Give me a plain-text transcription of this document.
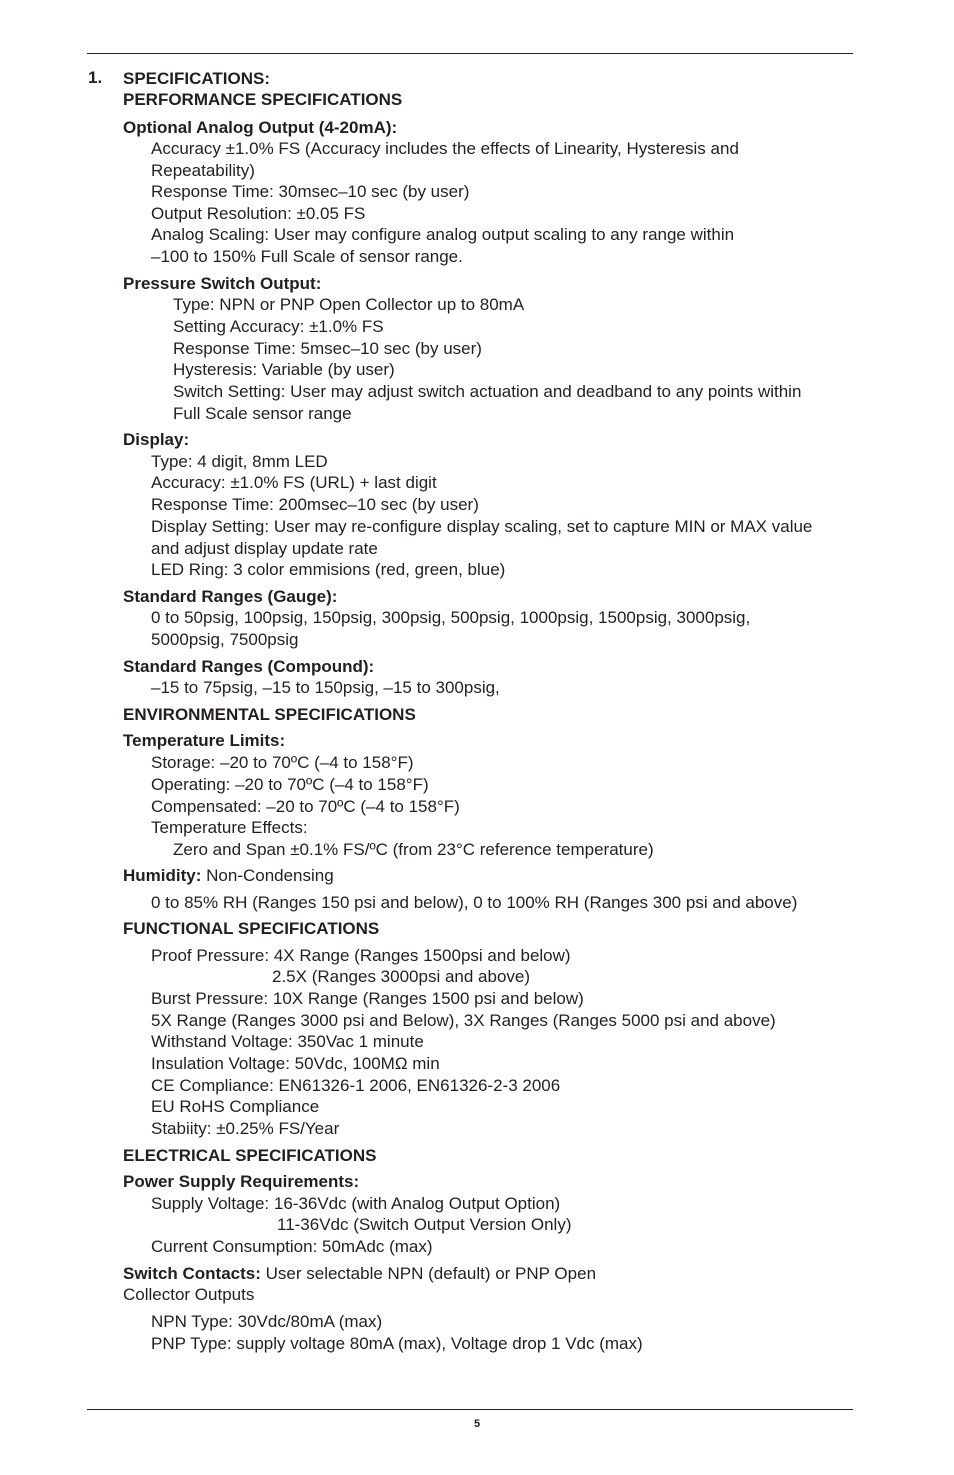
1. SPECIFICATIONS:
PERFORMANCE SPECIFICATIONS
Optional Analog Output (4-20mA):
Accuracy ±1.0% FS (Accuracy includes the effects of Linearity, Hysteresis and
Repeatability)
Response Time: 30msec–10 sec (by user)
Output Resolution: ±0.05 FS
Analog Scaling: User may configure analog output scaling to any range within
–100 to 150% Full Scale of sensor range.
Pressure Switch Output:
Type: NPN or PNP Open Collector up to 80mA
Setting Accuracy: ±1.0% FS
Response Time: 5msec–10 sec (by user)
Hysteresis: Variable (by user)
Switch Setting: User may adjust switch actuation and deadband to any points within
Full Scale sensor range
Display:
Type: 4 digit, 8mm LED
Accuracy: ±1.0% FS (URL) + last digit
Response Time: 200msec–10 sec (by user)
Display Setting: User may re-configure display scaling, set to capture MIN or MAX value
and adjust display update rate
LED Ring: 3 color emmisions (red, green, blue)
Standard Ranges (Gauge):
0 to 50psig, 100psig, 150psig, 300psig, 500psig, 1000psig, 1500psig, 3000psig,
5000psig, 7500psig
Standard Ranges (Compound):
–15 to 75psig, –15 to 150psig, –15 to 300psig,
ENVIRONMENTAL SPECIFICATIONS
Temperature Limits:
Storage: –20 to 70ºC (–4 to 158°F)
Operating: –20 to 70ºC (–4 to 158°F)
Compensated: –20 to 70ºC (–4 to 158°F)
Temperature Effects:
Zero and Span ±0.1% FS/ºC (from 23°C reference temperature)
Humidity: Non-Condensing
0 to 85% RH (Ranges 150 psi and below), 0 to 100% RH (Ranges 300 psi and above)
FUNCTIONAL SPECIFICATIONS
Proof Pressure: 4X Range (Ranges 1500psi and below)
2.5X (Ranges 3000psi and above)
Burst Pressure: 10X Range (Ranges 1500 psi and below)
5X Range (Ranges 3000 psi and Below), 3X Ranges (Ranges 5000 psi and above)
Withstand Voltage: 350Vac 1 minute
Insulation Voltage: 50Vdc, 100MΩ min
CE Compliance: EN61326-1 2006, EN61326-2-3 2006
EU RoHS Compliance
Stabiity: ±0.25% FS/Year
ELECTRICAL SPECIFICATIONS
Power Supply Requirements:
Supply Voltage: 16-36Vdc (with Analog Output Option)
11-36Vdc (Switch Output Version Only)
Current Consumption: 50mAdc (max)
Switch Contacts: User selectable NPN (default) or PNP Open
Collector Outputs
NPN Type: 30Vdc/80mA (max)
PNP Type: supply voltage 80mA (max), Voltage drop 1 Vdc (max)
5
